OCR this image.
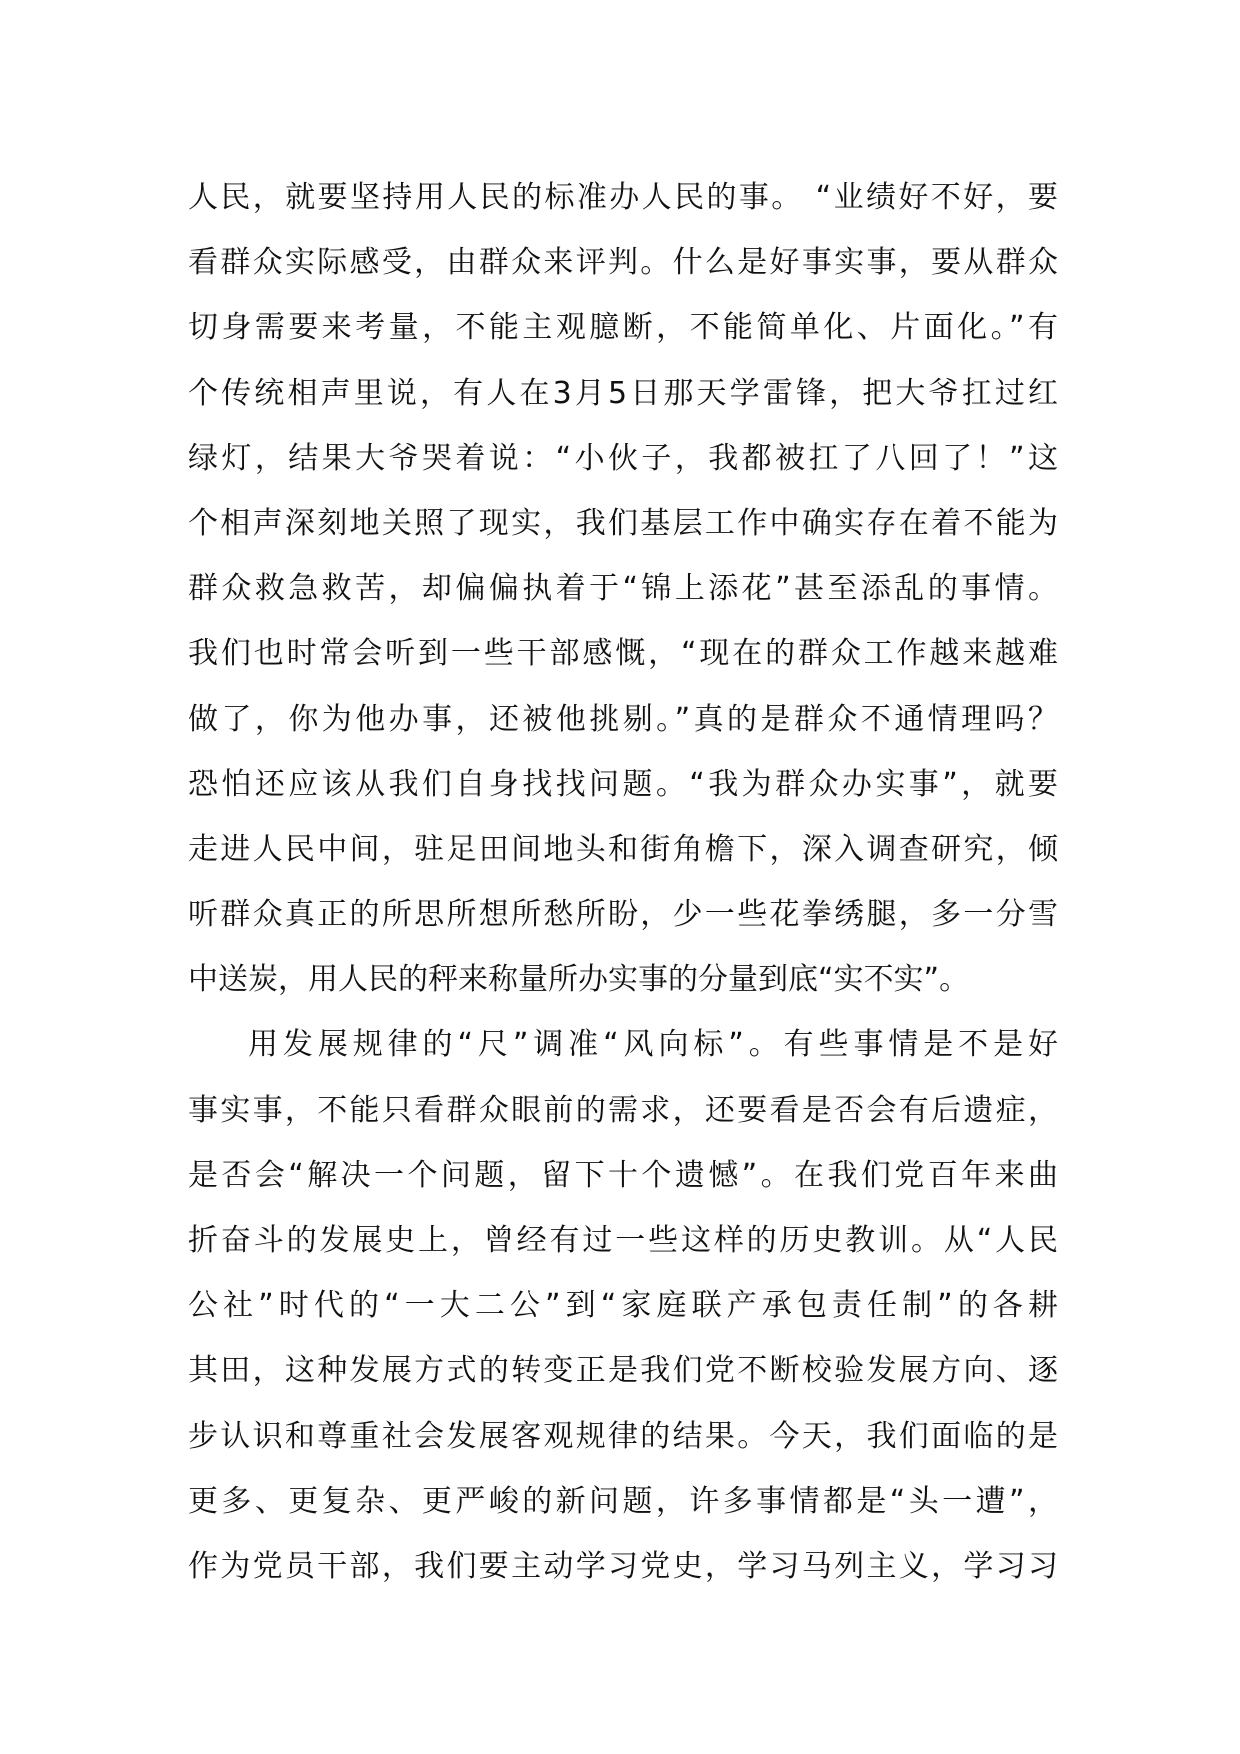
人民，就要坚持用人民的标准办人民的事。 “业绩好不好，要
看群众实际感受，由群众来评判。什么是好事实事，要从群众
切身需要来考量，不能主观臆断，不能简单化、片面化。”有
个传统相声里说，有人在3月5日那天学雷锋，把大爷扛过红
绿灯，结果大爷哭着说：“小伙子，我都被扛了八回了！”这
个相声深刻地关照了现实，我们基层工作中确实存在着不能为
群众救急救苦，却偏偏执着于“锦上添花”甚至添乱的事情。
我们也时常会听到一些干部感慨，“现在的群众工作越来越难
做了，你为他办事，还被他挑剔。”真的是群众不通情理吗？
恐怕还应该从我们自身找找问题。“我为群众办实事”，就要
走进人民中间，驻足田间地头和街角檐下，深入调查研究，倾
听群众真正的所思所想所愁所盼，少一些花拳绣腿，多一分雪
中送炭，用人民的秤来称量所办实事的分量到底“实不实”。
用发展规律的“尺”调准“风向标”。有些事情是不是好
事实事，不能只看群众眼前的需求，还要看是否会有后遗症，
是否会“解决一个问题，留下十个遗憾”。在我们党百年来曲
折奋斗的发展史上，曾经有过一些这样的历史教训。从“人民
公社”时代的“一大二公”到“家庭联产承包责任制”的各耕
其田，这种发展方式的转变正是我们党不断校验发展方向、逐
步认识和尊重社会发展客观规律的结果。今天，我们面临的是
更多、更复杂、更严峻的新问题，许多事情都是“头一遭”，
作为党员干部，我们要主动学习党史，学习马列主义，学习习
